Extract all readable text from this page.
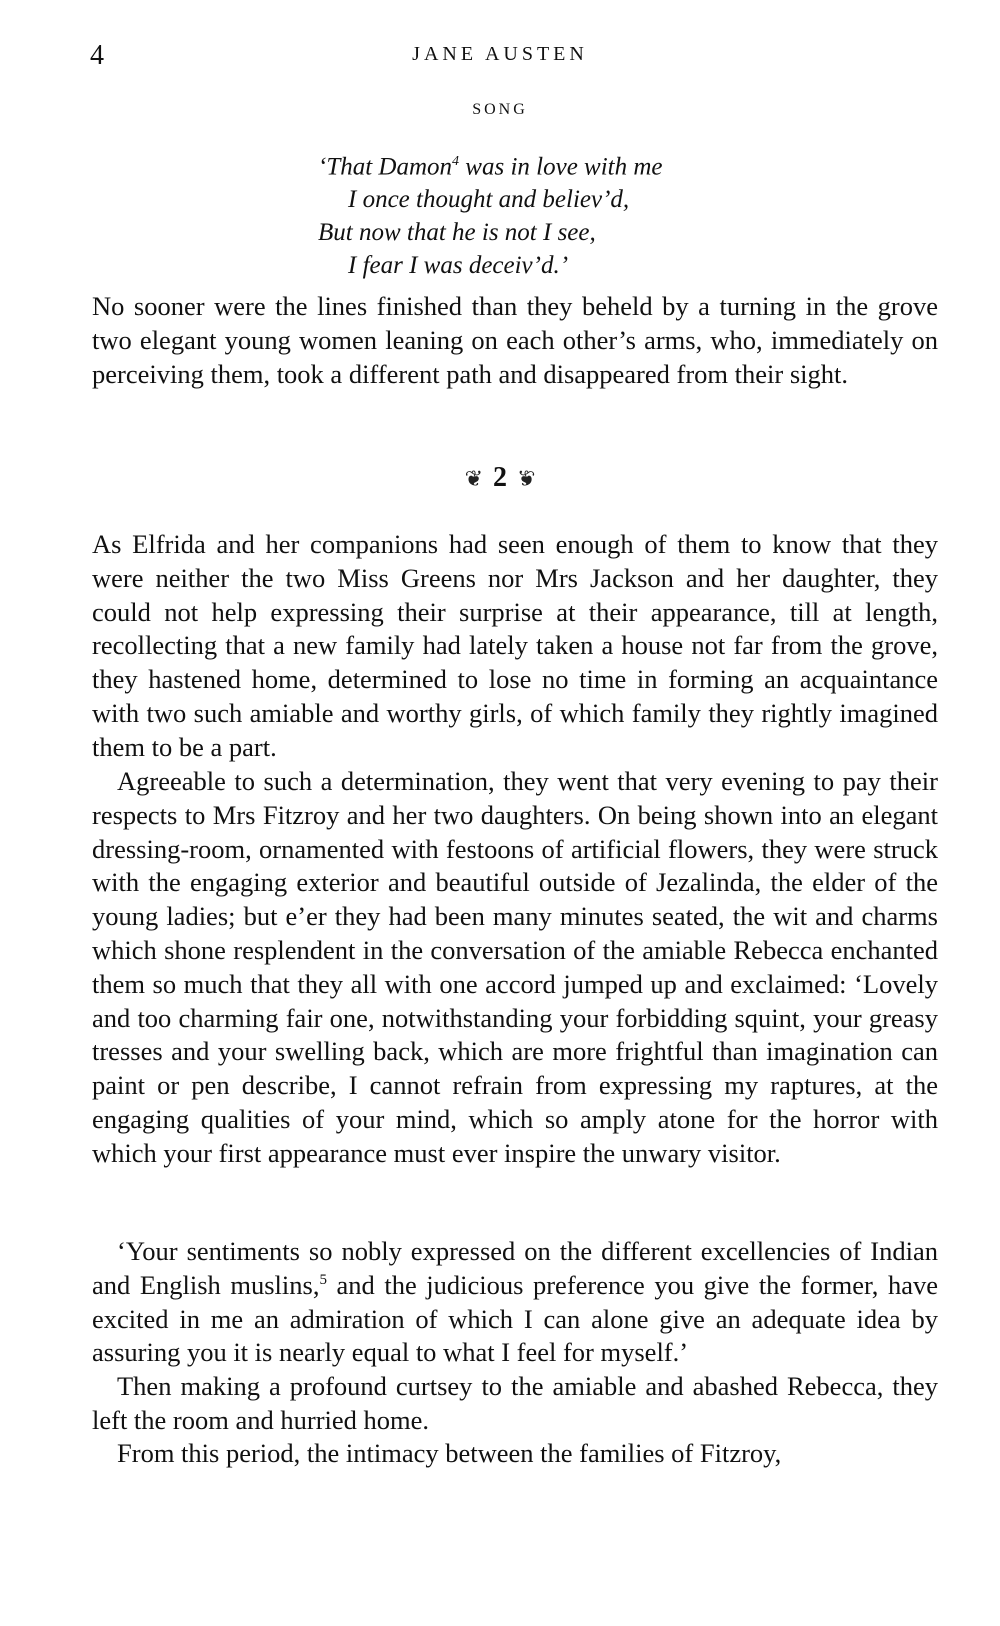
4	JANE AUSTEN
SONG
‘That Damon$^4$ was in love with me
I once thought and believ’d,
But now that he is not I see,
I fear I was deceiv’d.’

No sooner were the lines finished than they beheld by a turning in the grove two elegant young women leaning on each other’s arms, who, immediately on perceiving them, took a different path and disappeared from their sight.

❦ 2 ❦

As Elfrida and her companions had seen enough of them to know that they were neither the two Miss Greens nor Mrs Jackson and her daughter, they could not help expressing their surprise at their appearance, till at length, recollecting that a new family had lately taken a house not far from the grove, they hastened home, determined to lose no time in forming an acquaintance with two such amiable and worthy girls, of which family they rightly imagined them to be a part.

Agreeable to such a determination, they went that very evening to pay their respects to Mrs Fitzroy and her two daughters. On being shown into an elegant dressing-room, ornamented with festoons of artificial flowers, they were struck with the engaging exterior and beautiful outside of Jezalinda, the elder of the young ladies; but e’er they had been many minutes seated, the wit and charms which shone resplendent in the conversation of the amiable Rebecca enchanted them so much that they all with one accord jumped up and exclaimed: ‘Lovely and too charming fair one, notwithstanding your forbidding squint, your greasy tresses and your swelling back, which are more frightful than imagination can paint or pen describe, I cannot refrain from expressing my raptures, at the engaging qualities of your mind, which so amply atone for the horror with which your first appearance must ever inspire the unwary visitor.

‘Your sentiments so nobly expressed on the different excellencies of Indian and English muslins,$^5$ and the judicious preference you give the former, have excited in me an admiration of which I can alone give an adequate idea by assuring you it is nearly equal to what I feel for myself.’

Then making a profound curtsey to the amiable and abashed Rebecca, they left the room and hurried home.

From this period, the intimacy between the families of Fitzroy,
